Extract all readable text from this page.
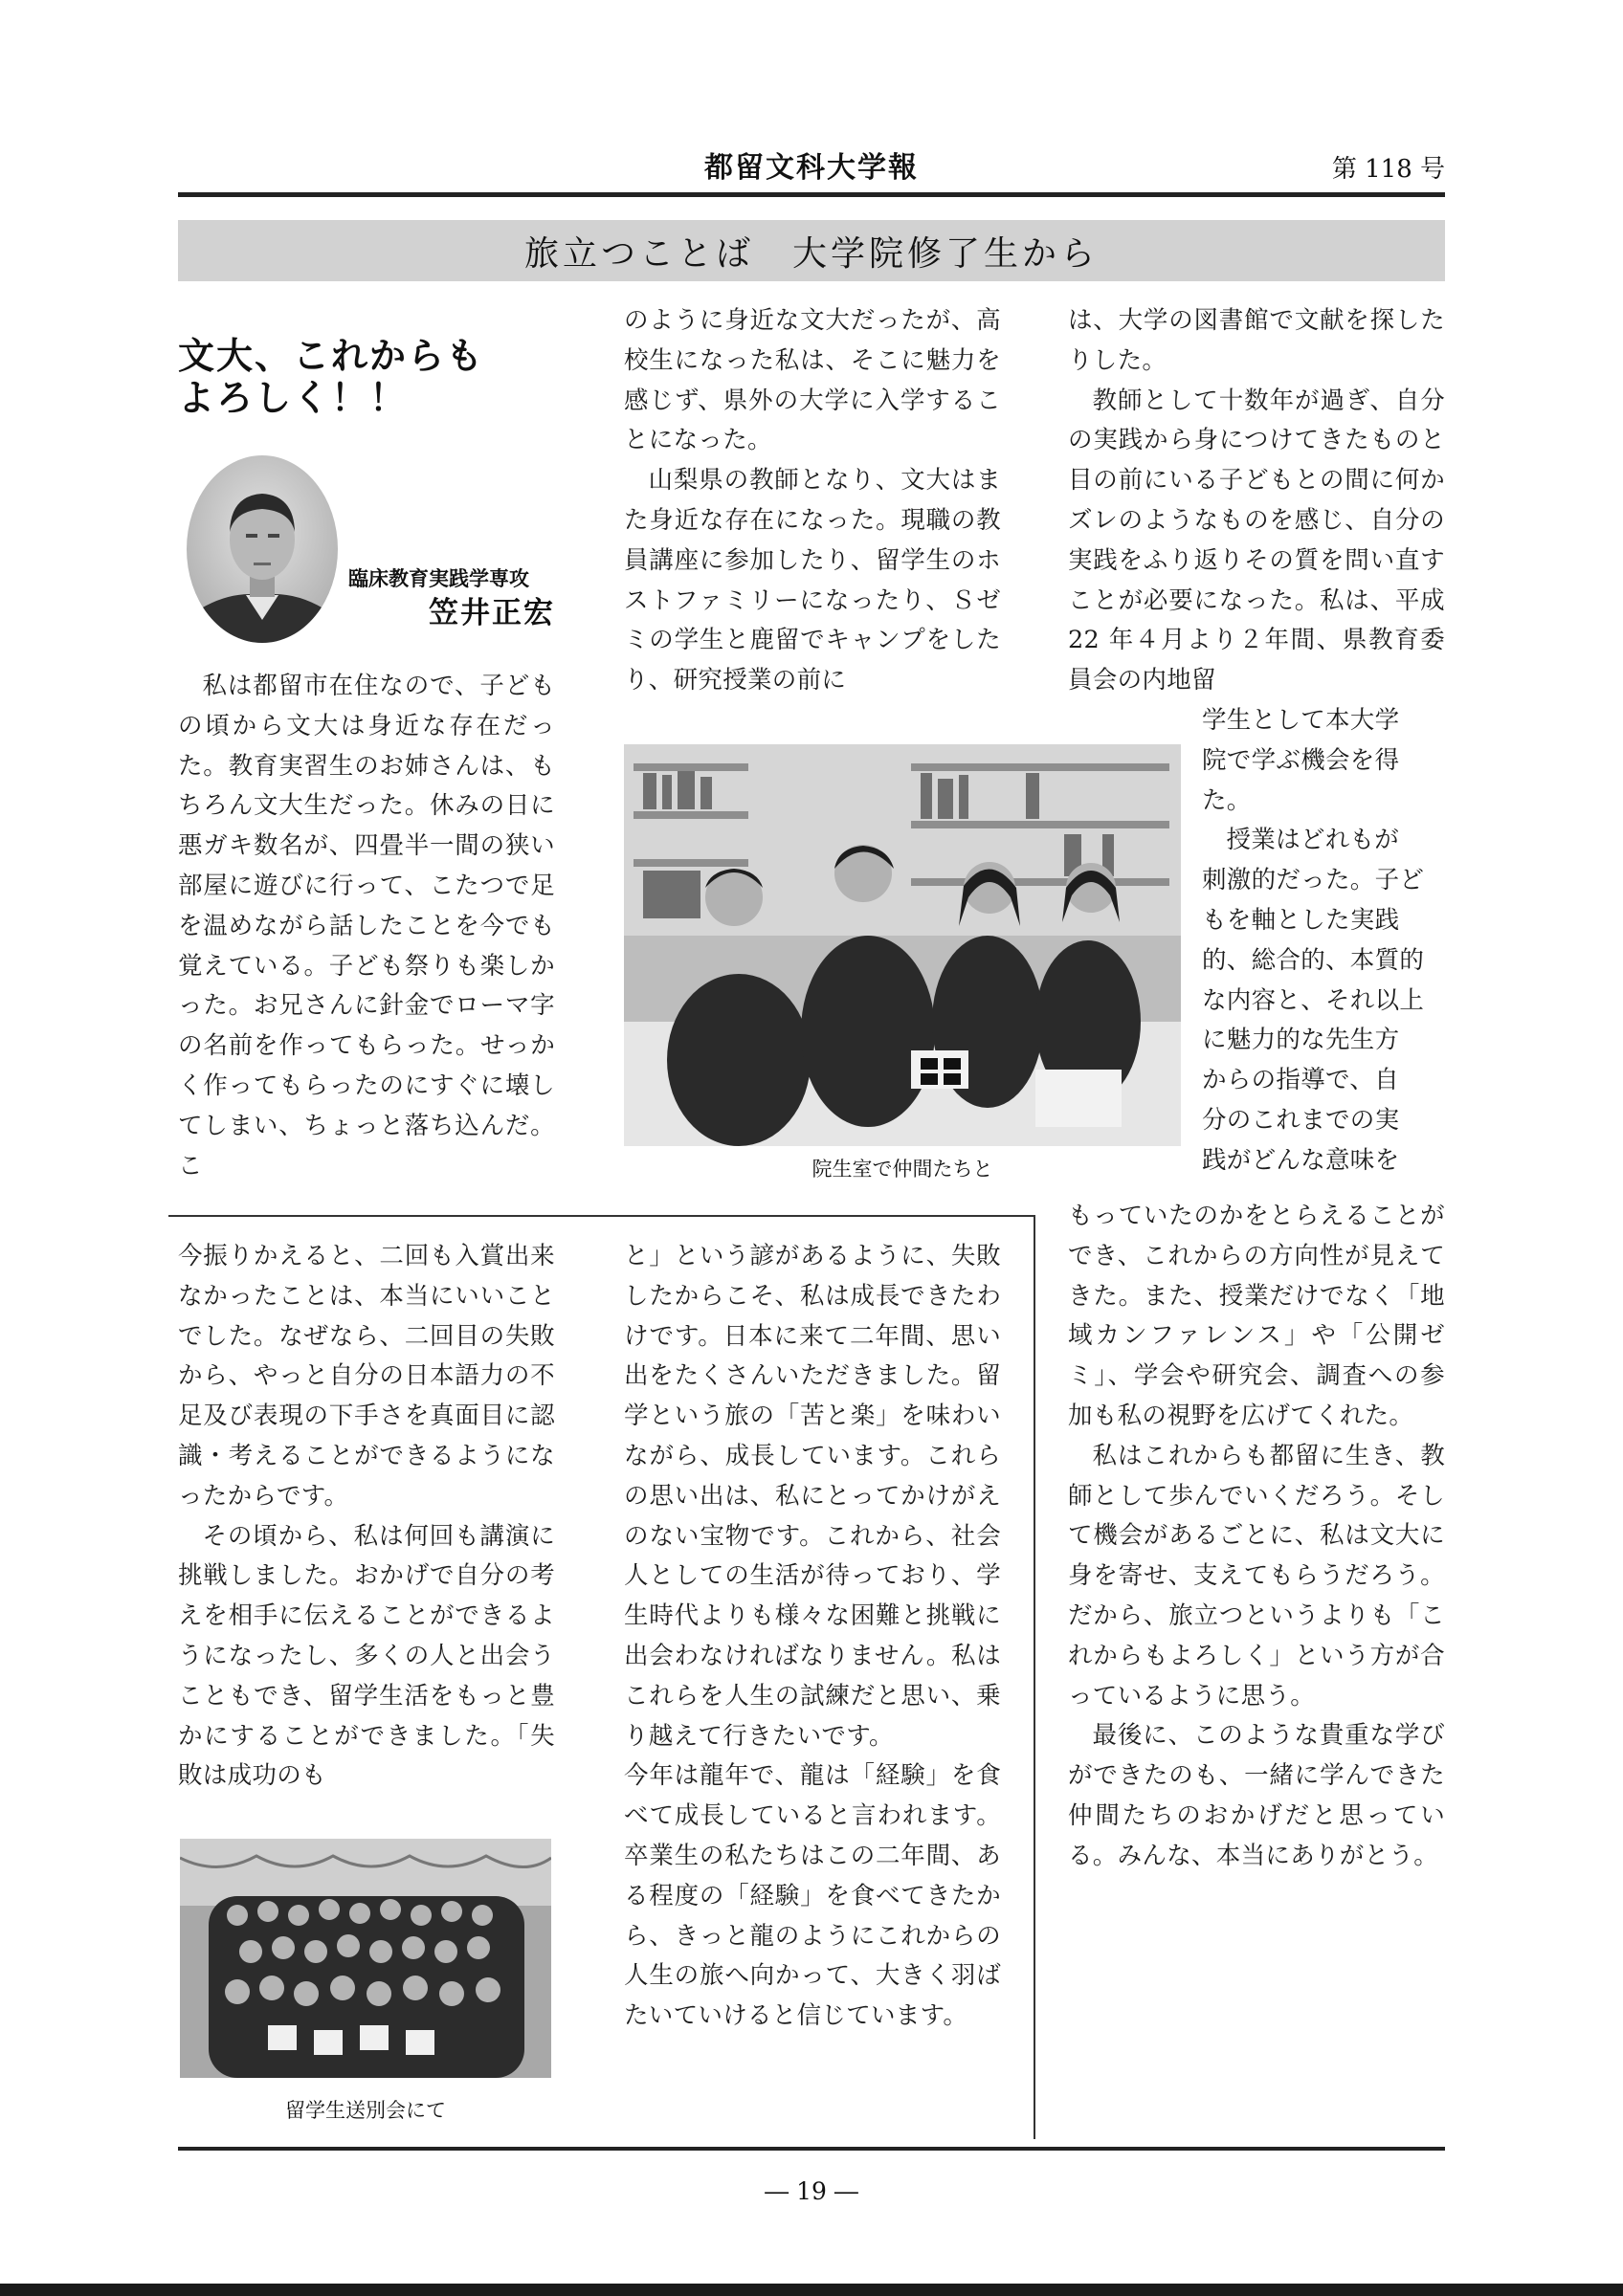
都留文科大学報	第 118 号
旅立つことば　大学院修了生から
文大、これからも
よろしく！！
臨床教育実践学専攻
笠井正宏

私は都留市在住なので、子ども の頃から文大は身近な存在だった。教育実習生のお姉さんは、もちろん文大生だった。休みの日に悪ガキ数名が、四畳半一間の狭い部屋に遊びに行って、こたつで足を温めながら話したことを今でも覚えている。子ども祭りも楽しかった。お兄さんに針金でローマ字の名前を作ってもらった。せっかく作ってもらったのにすぐに壊してしまい、ちょっと落ち込んだ。こ

のように身近な文大だったが、高校生になった私は、そこに魅力を感じず、県外の大学に入学することになった。

山梨県の教師となり、文大はまた身近な存在になった。現職の教員講座に参加したり、留学生のホストファミリーになったり、Ｓゼミの学生と鹿留でキャンプをしたり、研究授業の前に

院生室で仲間たちと

は、大学の図書館で文献を探したりした。

教師として十数年が過ぎ、自分の実践から身につけてきたものと目の前にいる子どもとの間に何かズレのようなものを感じ、自分の実践をふり返りその質を問い直すことが必要になった。私は、平成 22 年４月より２年間、県教育委員会の内地留

学生として本大学

院で学ぶ機会を得

た。

授業はどれもが

刺激的だった。子ど

もを軸とした実践

的、総合的、本質的

な内容と、それ以上

に魅力的な先生方

からの指導で、自

分のこれまでの実

践がどんな意味を

もっていたのかをとらえることができ、これからの方向性が見えてきた。また、授業だけでなく「地域カンファレンス」や「公開ゼミ」、学会や研究会、調査への参加も私の視野を広げてくれた。

私はこれからも都留に生き、教師として歩んでいくだろう。そして機会があるごとに、私は文大に身を寄せ、支えてもらうだろう。だから、旅立つというよりも「これからもよろしく」という方が合っているように思う。

最後に、このような貴重な学びができたのも、一緒に学んできた仲間たちのおかげだと思っている。みんな、本当にありがとう。

今振りかえると、二回も入賞出来なかったことは、本当にいいことでした。なぜなら、二回目の失敗から、やっと自分の日本語力の不足及び表現の下手さを真面目に認識・考えることができるようになったからです。

その頃から、私は何回も講演に挑戦しました。おかげで自分の考えを相手に伝えることができるようになったし、多くの人と出会うこともでき、留学生活をもっと豊かにすることができました。「失敗は成功のも

留学生送別会にて

と」という諺があるように、失敗したからこそ、私は成長できたわけです。日本に来て二年間、思い出をたくさんいただきました。留学という旅の「苦と楽」を味わいながら、成長しています。これらの思い出は、私にとってかけがえのない宝物です。これから、社会人としての生活が待っており、学生時代よりも様々な困難と挑戦に出会わなければなりません。私はこれらを人生の試練だと思い、乗り越えて行きたいです。

今年は龍年で、龍は「経験」を食べて成長していると言われます。卒業生の私たちはこの二年間、ある程度の「経験」を食べてきたから、きっと龍のようにこれからの人生の旅へ向かって、大きく羽ばたいていけると信じています。

― 19 ―
